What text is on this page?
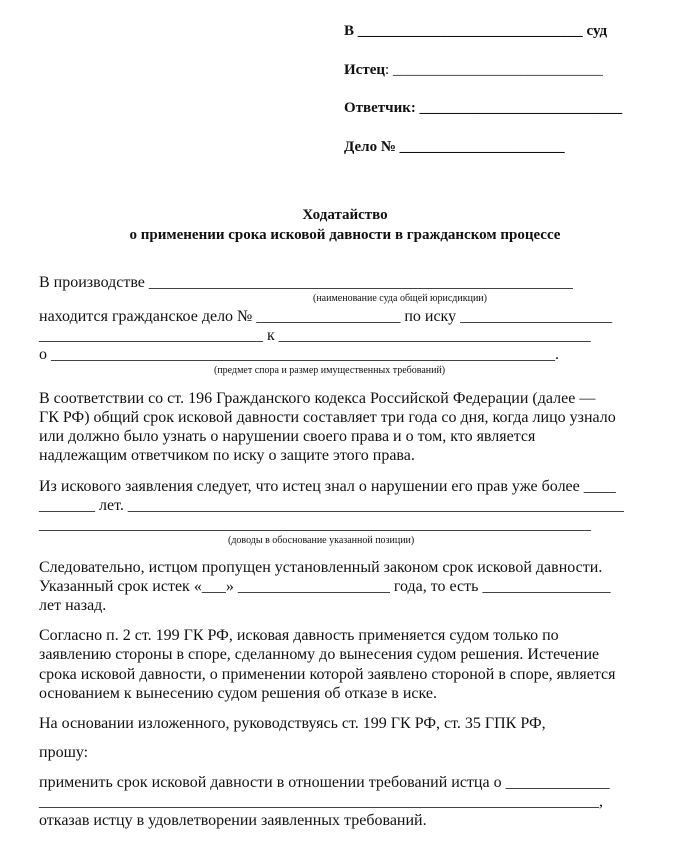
В ______________________________ суд
Истец: ____________________________
Ответчик: ___________________________
Дело № ______________________
Ходатайство
о применении срока исковой давности в гражданском процессе
В производстве _____________________________________________________
(наименование суда общей юрисдикции)
находится гражданское дело № __________________ по иску ___________________
____________________________ к _______________________________________
о _______________________________________________________________.
(предмет спора и размер имущественных требований)
В соответствии со ст. 196 Гражданского кодекса Российской Федерации (далее —
ГК РФ) общий срок исковой давности составляет три года со дня, когда лицо узнало
или должно было узнать о нарушении своего права и о том, кто является
надлежащим ответчиком по иску о защите этого права.
Из искового заявления следует, что истец знал о нарушении его прав уже более ____
_______ лет. ______________________________________________________________
_____________________________________________________________________
(доводы в обоснование указанной позиции)
Следовательно, истцом пропущен установленный законом срок исковой давности.
Указанный срок истек «___» ___________________ года, то есть ________________
лет назад.
Согласно п. 2 ст. 199 ГК РФ, исковая давность применяется судом только по
заявлению стороны в споре, сделанному до вынесения судом решения. Истечение
срока исковой давности, о применении которой заявлено стороной в споре, является
основанием к вынесению судом решения об отказе в иске.
На основании изложенного, руководствуясь ст. 199 ГК РФ, ст. 35 ГПК РФ,
прошу:
применить срок исковой давности в отношении требований истца о _____________
______________________________________________________________________,
отказав истцу в удовлетворении заявленных требований.
